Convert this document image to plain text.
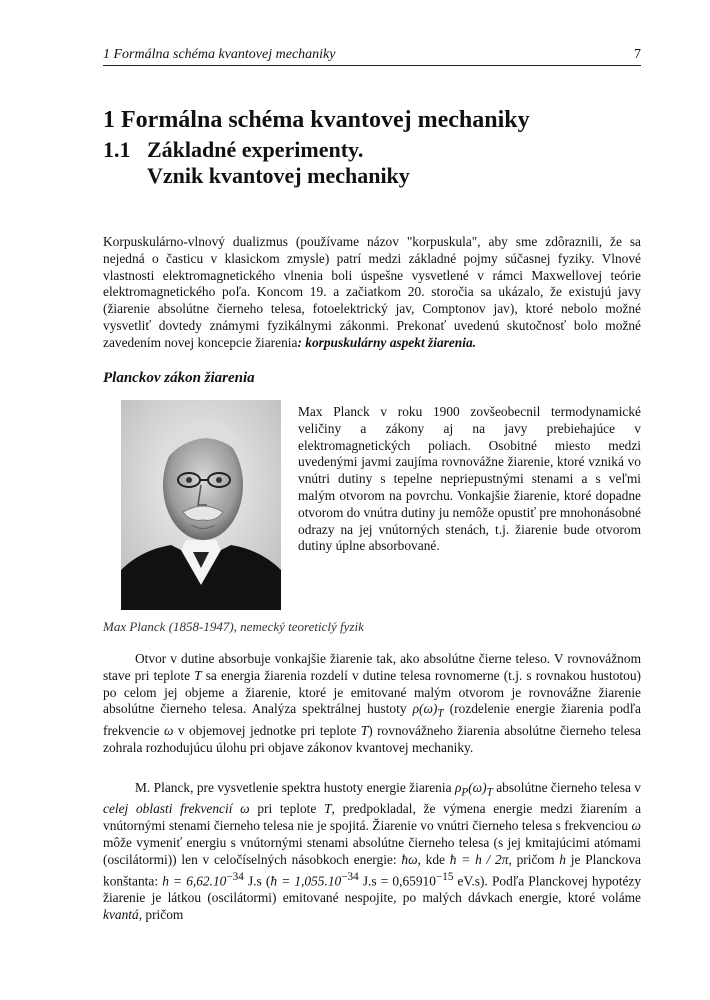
1 Formálna schéma kvantovej mechaniky	7
1 Formálna schéma kvantovej mechaniky
1.1 Základné experimenty.
Vznik kvantovej mechaniky

Korpuskulárno-vlnový dualizmus (používame názov "korpuskula", aby sme zdôraznili, že sa nejedná o časticu v klasickom zmysle) patrí medzi základné pojmy súčasnej fyziky. Vlnové vlastnosti elektromagnetického vlnenia boli úspešne vysvetlené v rámci Maxwellovej teórie elektromagnetického poľa. Koncom 19. a začiatkom 20. storočia sa ukázalo, že existujú javy (žiarenie absolútne čierneho telesa, fotoelektrický jav, Comptonov jav), ktoré nebolo možné vysvetliť dovtedy známymi fyzikálnymi zákonmi. Prekonať uvedenú skutočnosť bolo možné zavedením novej koncepcie žiarenia: korpuskulárny aspekt žiarenia.

Planckov zákon žiarenia

Max Planck v roku 1900 zovšeobecnil termodynamické veličiny a zákony aj na javy prebiehajúce v elektromagnetických poliach. Osobitné miesto medzi uvedenými javmi zaujíma rovnovážne žiarenie, ktoré vzniká vo vnútri dutiny s tepelne nepriepustnými stenami a s veľmi malým otvorom na povrchu. Vonkajšie žiarenie, ktoré dopadne otvorom do vnútra dutiny ju nemôže opustiť pre mnohonásobné odrazy na jej vnútorných stenách, t.j. žiarenie bude otvorom dutiny úplne absorbované.

Max Planck (1858-1947), nemecký teoreticlý fyzik

Otvor v dutine absorbuje vonkajšie žiarenie tak, ako absolútne čierne teleso. V rovnovážnom stave pri teplote T sa energia žiarenia rozdelí v dutine telesa rovnomerne (t.j. s rovnakou hustotou) po celom jej objeme a žiarenie, ktoré je emitované malým otvorom je rovnovážne žiarenie absolútne čierneho telesa. Analýza spektrálnej hustoty $\rho(\omega)_T$ (rozdelenie energie žiarenia podľa frekvencie ω v objemovej jednotke pri teplote T) rovnovážneho žiarenia absolútne čierneho telesa zohrala rozhodujúcu úlohu pri objave zákonov kvantovej mechaniky.

M. Planck, pre vysvetlenie spektra hustoty energie žiarenia $\rho_P(\omega)_T$ absolútne čierneho telesa v celej oblasti frekvencií ω pri teplote T, predpokladal, že výmena energie medzi žiarením a vnútornými stenami čierneho telesa nie je spojitá. Žiarenie vo vnútri čierneho telesa s frekvenciou ω môže vymeniť energiu s vnútornými stenami absolútne čierneho telesa (s jej kmitajúcimi atómami (oscilátormi)) len v celočíselných násobkoch energie: ħω, kde ħ = h / 2π, pričom h je Planckova konštanta: $h = 6,62.10^{-34}$ J.s (ħ = $1,055.10^{-34}$ $J.s = 0,65910^{-15}$ eV.s). Podľa Planckovej hypotézy žiarenie je látkou (oscilátormi) emitované nespojite, po malých dávkach energie, ktoré voláme kvantá, pričom
